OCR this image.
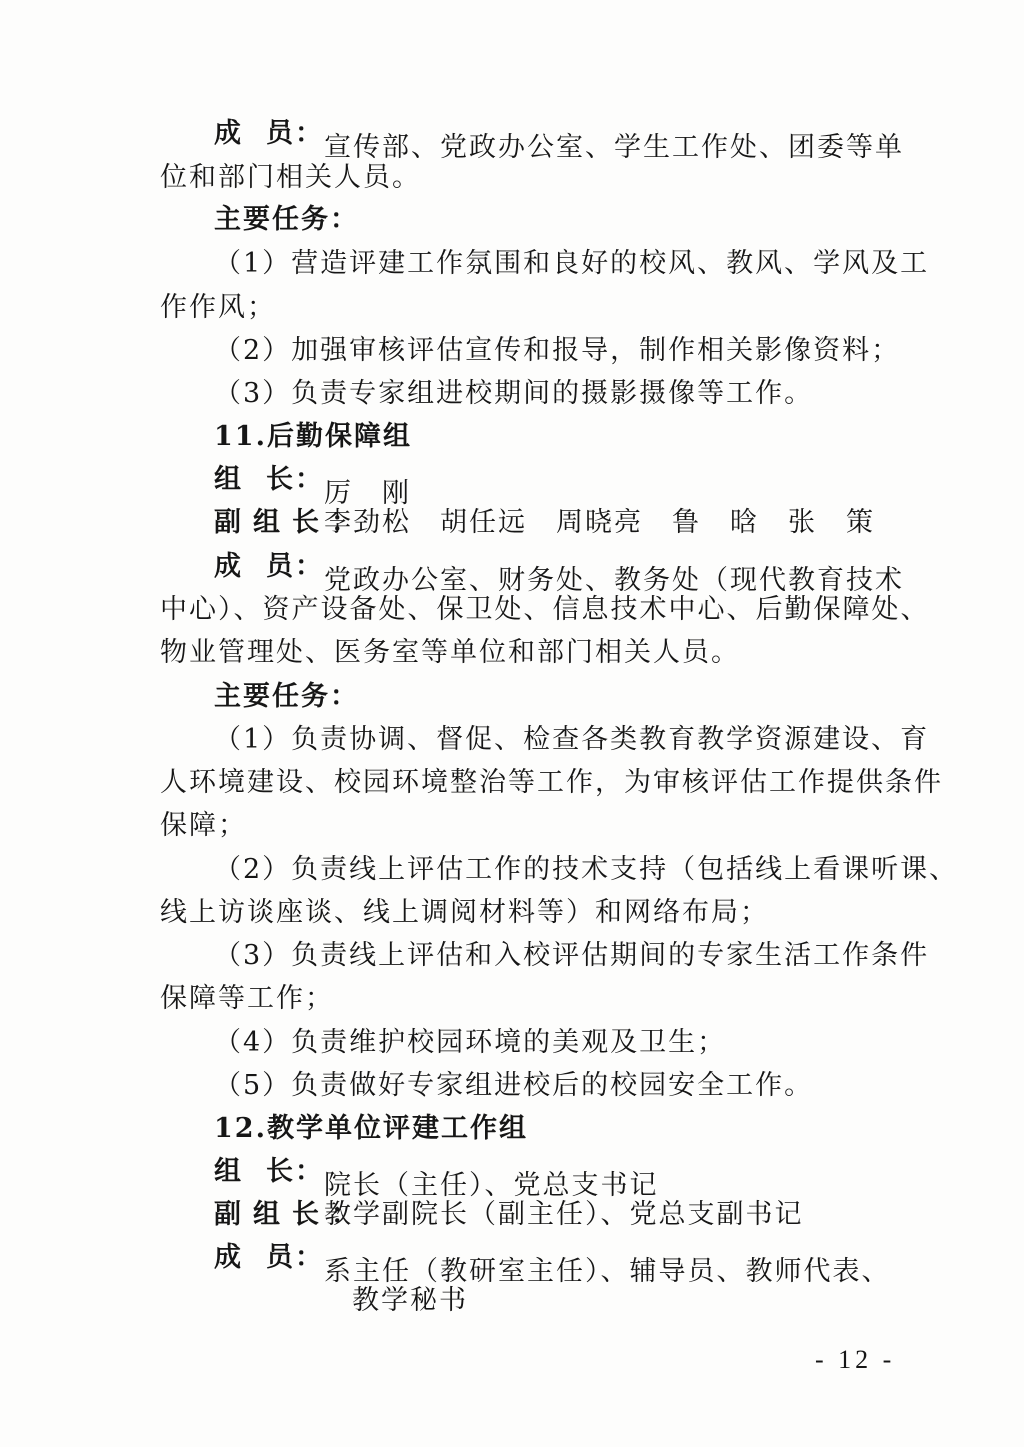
成 员： 宣传部、党政办公室、学生工作处、团委等单
位和部门相关人员。
主要任务：
（1）营造评建工作氛围和良好的校风、教风、学风及工
作作风；
（2）加强审核评估宣传和报导，制作相关影像资料；
（3）负责专家组进校期间的摄影摄像等工作。
11.后勤保障组
组 长： 厉　刚
副组长：李劲松　胡任远　周晓亮　鲁　晗　张　策
成 员： 党政办公室、财务处、教务处（现代教育技术
中心）、资产设备处、保卫处、信息技术中心、后勤保障处、
物业管理处、医务室等单位和部门相关人员。
主要任务：
（1）负责协调、督促、检查各类教育教学资源建设、育
人环境建设、校园环境整治等工作，为审核评估工作提供条件
保障；
（2）负责线上评估工作的技术支持（包括线上看课听课、
线上访谈座谈、线上调阅材料等）和网络布局；
（3）负责线上评估和入校评估期间的专家生活工作条件
保障等工作；
（4）负责维护校园环境的美观及卫生；
（5）负责做好专家组进校后的校园安全工作。
12.教学单位评建工作组
组 长： 院长（主任）、党总支书记
副组长：教学副院长（副主任）、党总支副书记
成 员： 系主任（教研室主任）、辅导员、教师代表、
教学秘书
- 12 -
